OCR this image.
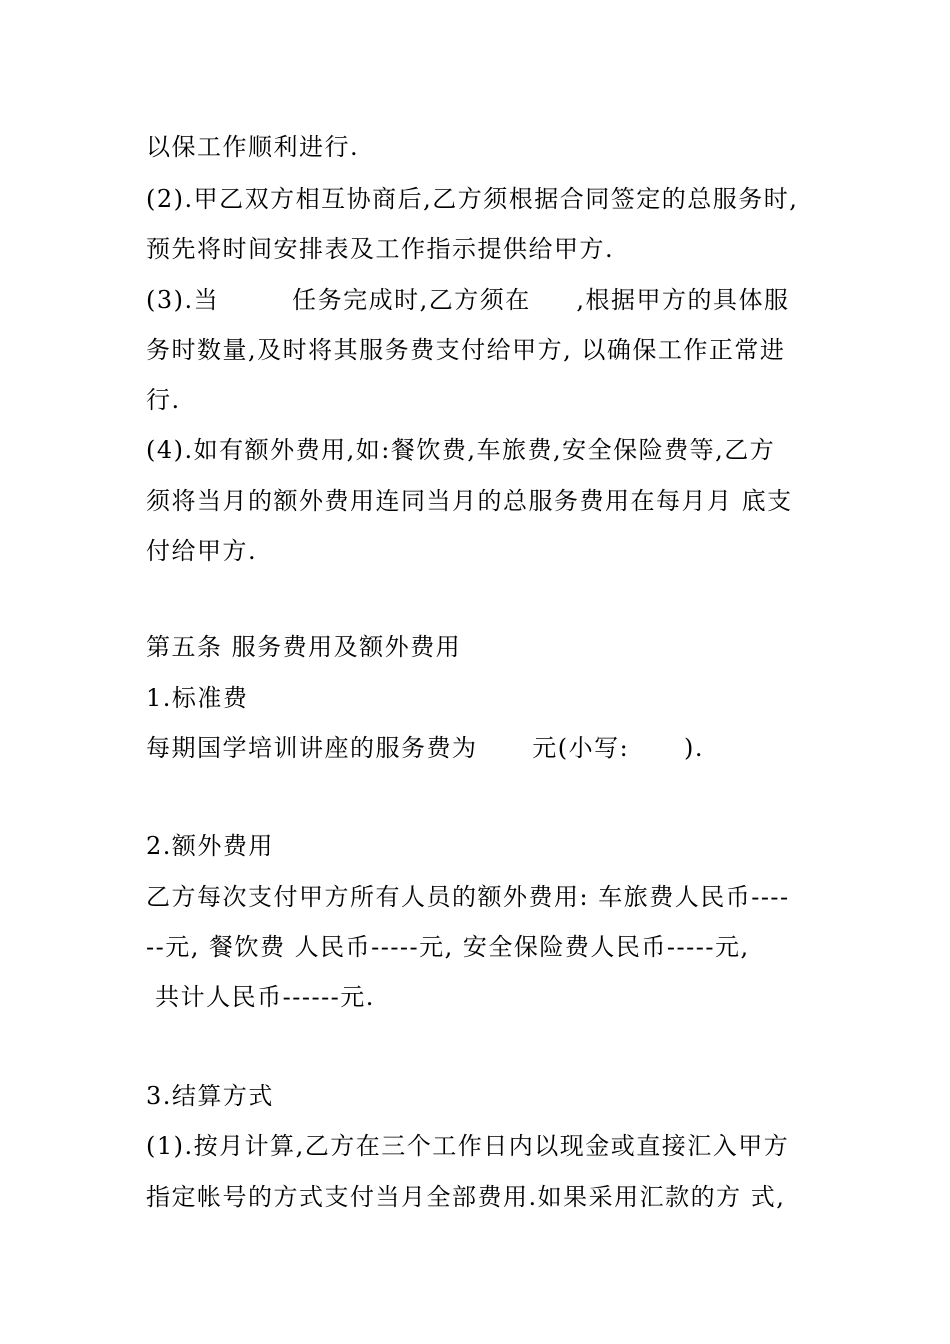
以保工作顺利进行.
(2).甲乙双方相互协商后,乙方须根据合同签定的总服务时,
预先将时间安排表及工作指示提供给甲方.
(3).当        任务完成时,乙方须在     ,根据甲方的具体服
务时数量,及时将其服务费支付给甲方, 以确保工作正常进
行.
(4).如有额外费用,如:餐饮费,车旅费,安全保险费等,乙方
须将当月的额外费用连同当月的总服务费用在每月月 底支
付给甲方.
第五条 服务费用及额外费用
1.标准费
每期国学培训讲座的服务费为      元(小写:      ).
2.额外费用
乙方每次支付甲方所有人员的额外费用: 车旅费人民币----
--元, 餐饮费 人民币-----元, 安全保险费人民币-----元,
共计人民币------元.
3.结算方式
(1).按月计算,乙方在三个工作日内以现金或直接汇入甲方
指定帐号的方式支付当月全部费用.如果采用汇款的方 式,
